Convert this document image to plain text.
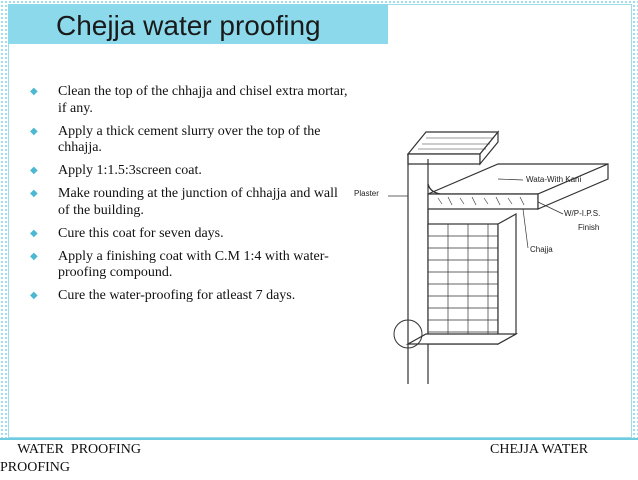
Chejja water proofing
◆ Clean the top of the chhajja and chisel extra mortar, if any.
◆ Apply a thick cement slurry over the top of the chhajja.
◆ Apply 1:1.5:3screen coat.
◆ Make rounding at the junction of chhajja and wall of the building.
◆ Cure this coat for seven days.
◆ Apply a finishing coat with C.M 1:4 with water-proofing compound.
◆ Cure the water-proofing for atleast 7 days.
Plaster
Wata-With Kani
W/P-I.P.S.
Finish
Chajja
WATER  PROOFING	CHEJJA WATER
PROOFING
